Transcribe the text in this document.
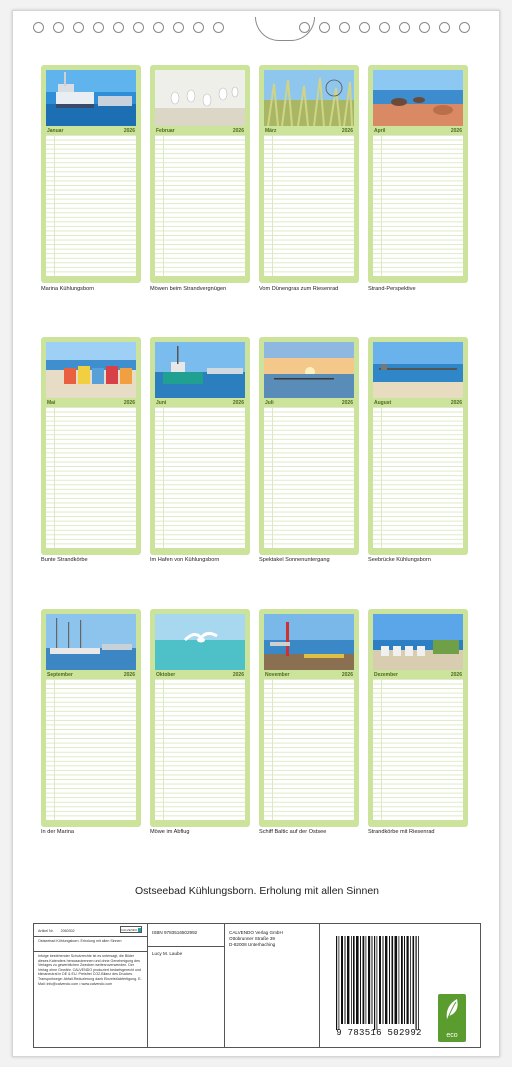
Januar	2026	Februar	2026	März	2026	April	2026
Marina Kühlungsborn	Möwen beim Strandvergnügen	Vom Dünengras zum Riesenrad	Strand-Perspektive
Mai	2026	Juni	2026	Juli	2026	August	2026
Bunte Strandkörbe	Im Hafen von Kühlungsborn	Spektakel Sonnenuntergang	Seebrücke Kühlungsborn
September	2026	Oktober	2026	November	2026	Dezember	2026
In der Marina	Möwe im Abflug	Schiff Baltic auf der Ostsee	Strandkörbe mit Riesenrad
Ostseebad Kühlungsborn. Erholung mit allen Sinnen
Artikel Nr. 2060302	CALVENDO
Ostseebad Kühlungsborn. Erholung mit allen Sinnen
Infolge bestehender Schutzrechte ist es untersagt, die Bilder dieses Kalenders herauszutrennen und ohne Genehmigung des Verlages zu gewerblichen Zwecken weiterzuverwenden. Der Verlag ohne Gewähr. CALVENDO produziert bedarfsgerecht und klimaneutral in DE & EU. Preisfrei CO2-Bilanz des Druckes. Transportwege: Abfall-Reduzierung dank Einzelstückfertigung. E-Mail: info@calvendo.com • www.calvendo.com
ISBN 9783516502992
Lucy M. Laube
CALVENDO Verlag GmbH
Ottobrunner Straße 39
D-82008 Unterhaching
9 783516 502992	eco
